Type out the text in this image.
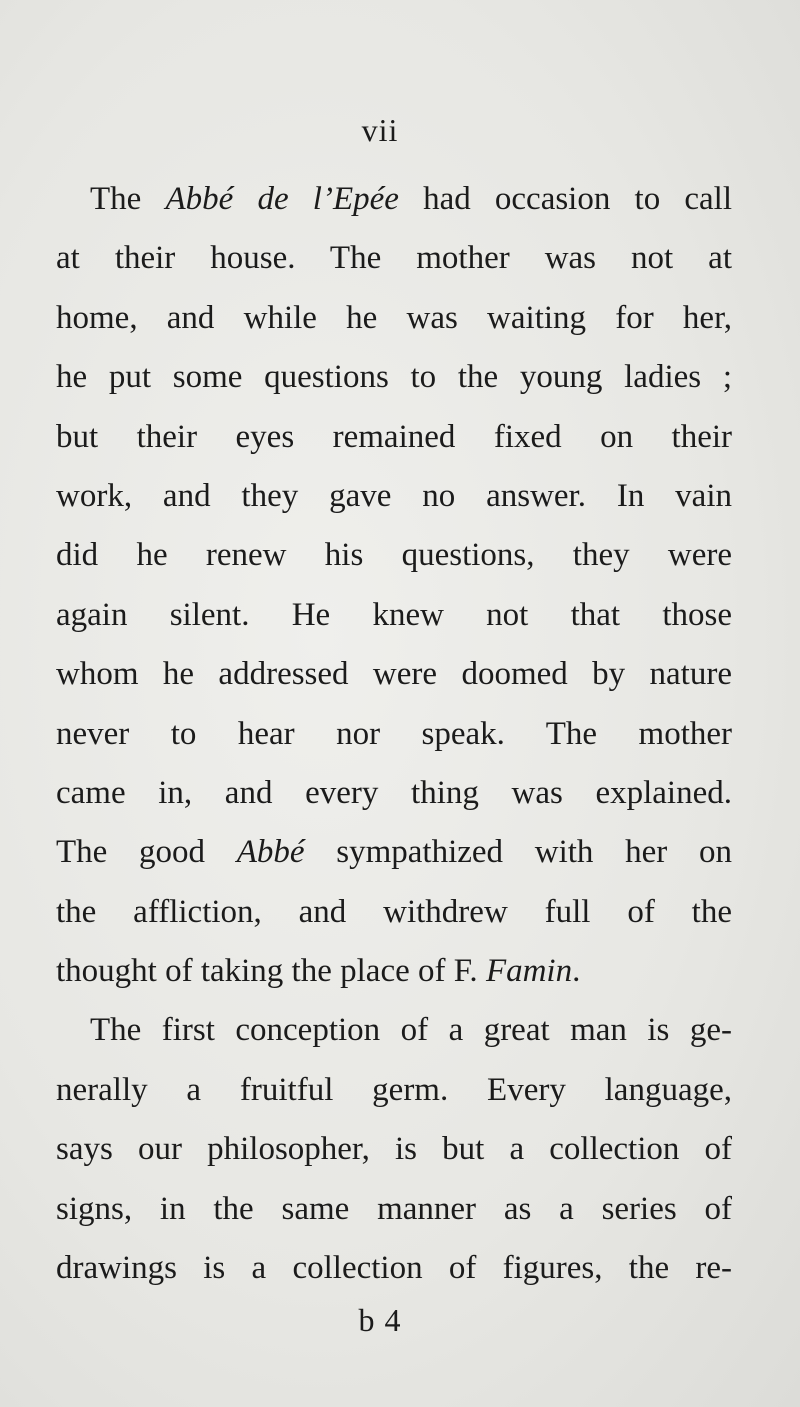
vii
The Abbé de l’Epée had occasion to call
at their house. The mother was not at
home, and while he was waiting for her,
he put some questions to the young ladies ;
but their eyes remained fixed on their
work, and they gave no answer. In vain
did he renew his questions, they were
again silent. He knew not that those
whom he addressed were doomed by nature
never to hear nor speak. The mother
came in, and every thing was explained.
The good Abbé sympathized with her on
the affliction, and withdrew full of the
thought of taking the place of F. Famin.
The first conception of a great man is ge-
nerally a fruitful germ. Every language,
says our philosopher, is but a collection of
signs, in the same manner as a series of
drawings is a collection of figures, the re-
b 4
